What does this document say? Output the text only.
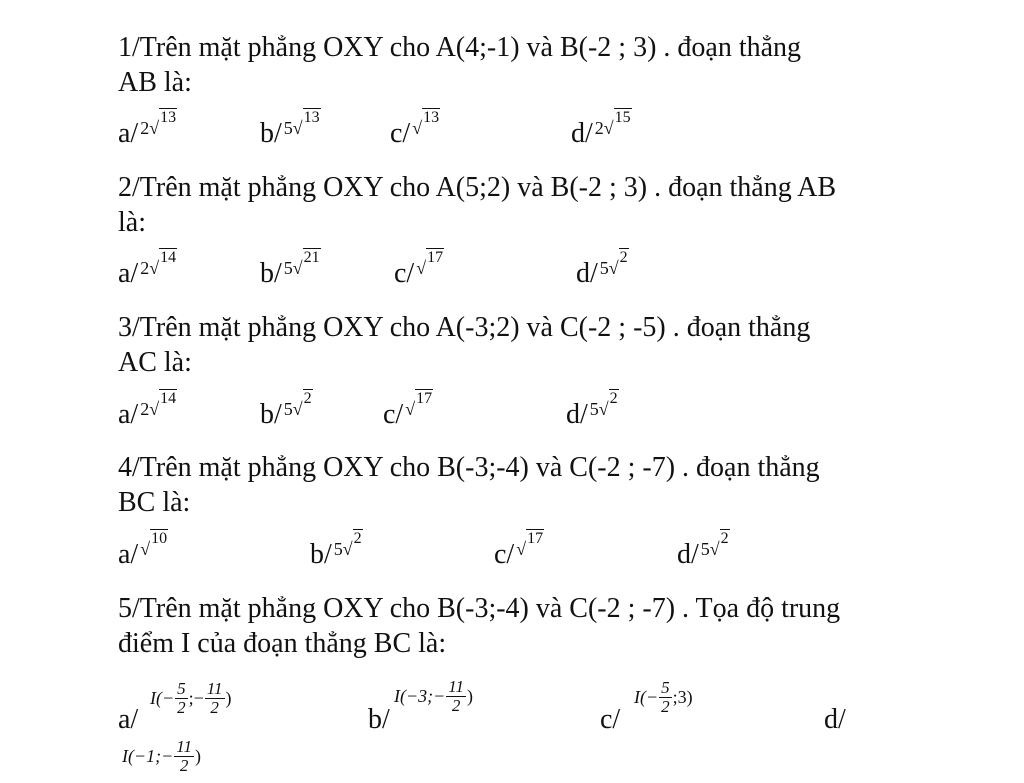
1/Trên mặt phẳng OXY cho A(4;-1) và B(-2 ; 3) . đoạn thẳng

AB là:

a/ 2 √
13
b/ 5 √
13
c/ √
13
d/ 2 √
15

2/Trên mặt phẳng OXY cho A(5;2) và B(-2 ; 3) . đoạn thẳng AB

là:

a/ 2 √
14
b/ 5 √
21
c/ √
17
d/ 5 √
2

3/Trên mặt phẳng OXY cho A(-3;2) và C(-2 ; -5) . đoạn thẳng

AC là:

a/ 2 √
14
b/ 5 √
2
c/ √
17
d/ 5 √
2

4/Trên mặt phẳng OXY cho B(-3;-4) và C(-2 ; -7) . đoạn thẳng

BC là:

a/ √
10
b/ 5 √
2
c/ √
17
d/ 5 √
2

5/Trên mặt phẳng OXY cho B(-3;-4) và C(-2 ; -7) . Tọa độ trung

điểm I của đoạn thẳng BC là:

a/
$I(- \frac{5}{2}$ ;− $\frac{11}{2}$ )
b/
I(−3;− $\frac{11}{2}$ )
c/
$I(- \frac{5}{2}$ ;3)
d/
I(−1;− $\frac{11}{2}$ )
